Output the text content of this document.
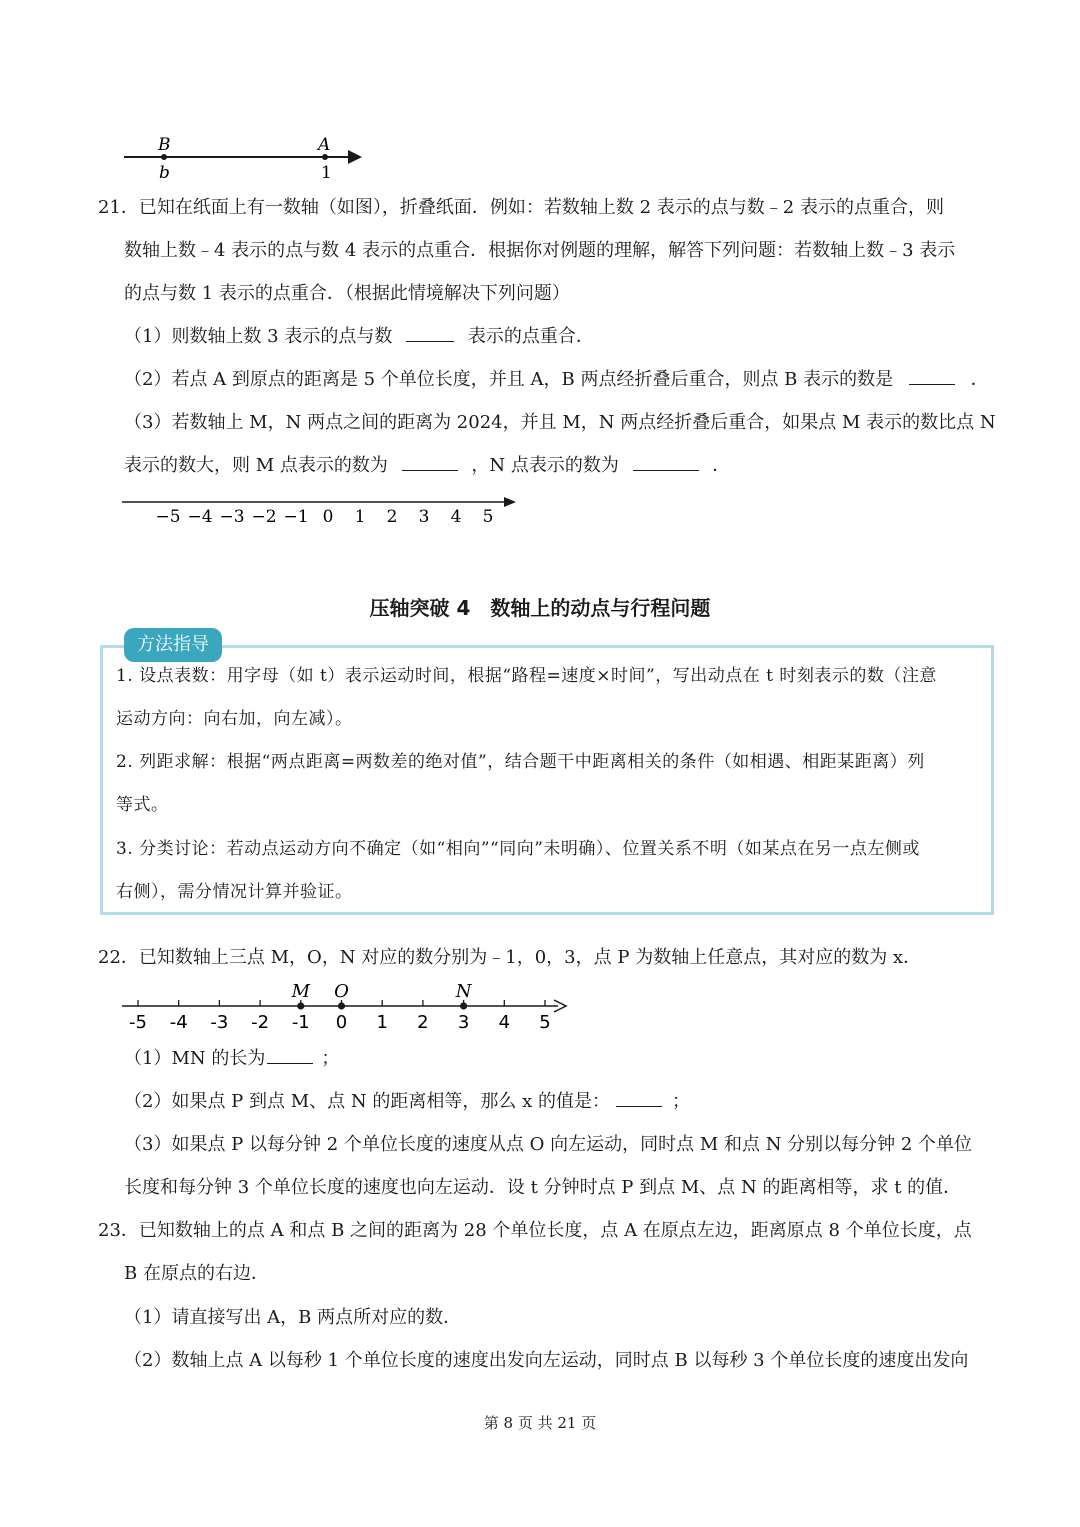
B	A
b	1
21．已知在纸面上有一数轴（如图），折叠纸面．例如：若数轴上数 2 表示的点与数﹣2 表示的点重合，则
数轴上数﹣4 表示的点与数 4 表示的点重合．根据你对例题的理解，解答下列问题：若数轴上数﹣3 表示
的点与数 1 表示的点重合．（根据此情境解决下列问题）
（1）则数轴上数 3 表示的点与数	表示的点重合．
（2）若点 A 到原点的距离是 5 个单位长度，并且 A，B 两点经折叠后重合，则点 B 表示的数是	．
（3）若数轴上 M，N 两点之间的距离为 2024，并且 M，N 两点经折叠后重合，如果点 M 表示的数比点 N
表示的数大，则 M 点表示的数为	，N 点表示的数为	．
−5 −4 −3 −2 −1 0 1 2 3 4 5
压轴突破 4　数轴上的动点与行程问题
方法指导
1. 设点表数：用字母（如 t）表示运动时间，根据“路程=速度×时间”，写出动点在 t 时刻表示的数（注意
运动方向：向右加，向左减）。
2. 列距求解：根据“两点距离=两数差的绝对值”，结合题干中距离相关的条件（如相遇、相距某距离）列
等式。
3. 分类讨论：若动点运动方向不确定（如“相向”“同向”未明确）、位置关系不明（如某点在另一点左侧或
右侧），需分情况计算并验证。
22．已知数轴上三点 M，O，N 对应的数分别为﹣1，0，3，点 P 为数轴上任意点，其对应的数为 x．
-5 -4 -3 -2 -1 0 1 2 3 4 5
M O	N
（1）MN 的长为	；
（2）如果点 P 到点 M、点 N 的距离相等，那么 x 的值是：	；
（3）如果点 P 以每分钟 2 个单位长度的速度从点 O 向左运动，同时点 M 和点 N 分别以每分钟 2 个单位
长度和每分钟 3 个单位长度的速度也向左运动．设 t 分钟时点 P 到点 M、点 N 的距离相等，求 t 的值．
23．已知数轴上的点 A 和点 B 之间的距离为 28 个单位长度，点 A 在原点左边，距离原点 8 个单位长度，点
B 在原点的右边．
（1）请直接写出 A，B 两点所对应的数．
（2）数轴上点 A 以每秒 1 个单位长度的速度出发向左运动，同时点 B 以每秒 3 个单位长度的速度出发向
第 8 页 共 21 页
